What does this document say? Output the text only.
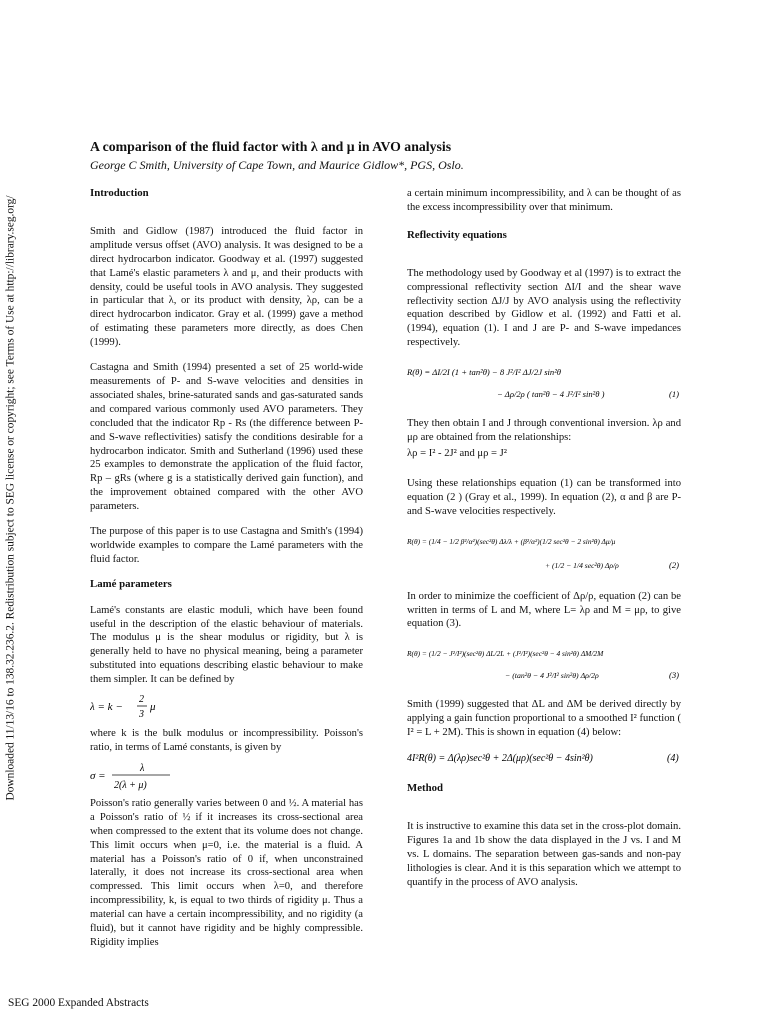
Downloaded 11/13/16 to 138.32.236.2. Redistribution subject to SEG license or copyright; see Terms of Use at http://library.seg.org/
A comparison of the fluid factor with λ and μ in AVO analysis
George C Smith, University of Cape Town, and Maurice Gidlow*, PGS, Oslo.
Introduction

Smith and Gidlow (1987) introduced the fluid factor in amplitude versus offset (AVO) analysis. It was designed to be a direct hydrocarbon indicator. Goodway et al. (1997) suggested that Lamé's elastic parameters λ and μ, and their products with density, could be useful tools in AVO analysis. They suggested in particular that λ, or its product with density, λρ, can be a direct hydrocarbon indicator. Gray et al. (1999) gave a method of estimating these parameters more directly, as does Chen (1999).

Castagna and Smith (1994) presented a set of 25 world-wide measurements of P- and S-wave velocities and densities in associated shales, brine-saturated sands and gas-saturated sands and compared various commonly used AVO parameters. They concluded that the indicator Rp - Rs (the difference between P- and S-wave reflectivities) satisfy the conditions desirable for a hydrocarbon indicator. Smith and Sutherland (1996) used these 25 examples to demonstrate the application of the fluid factor, Rp – gRs (where g is a statistically derived gain function), and the improvement obtained compared with the other AVO parameters.

The purpose of this paper is to use Castagna and Smith's (1994) worldwide examples to compare the Lamé parameters with the fluid factor.

Lamé parameters

Lamé's constants are elastic moduli, which have been found useful in the description of the elastic behaviour of materials. The modulus μ is the shear modulus or rigidity, but λ is generally held to have no physical meaning, being a parameter substituted into equations describing elastic behaviour to make them simpler. It can be defined by

λ = k −
2
3
μ

where k is the bulk modulus or incompressibility. Poisson's ratio, in terms of Lamé constants, is given by

σ =
λ
2(λ + μ)

Poisson's ratio generally varies between 0 and ½. A material has a Poisson's ratio of ½ if it increases its cross-sectional area when compressed to the extent that its volume does not change. This limit occurs when μ=0, i.e. the material is a fluid. A material has a Poisson's ratio of 0 if, when unconstrained laterally, it does not increase its cross-sectional area when compressed. This limit occurs when λ=0, and therefore incompressibility, k, is equal to two thirds of rigidity μ. Thus a material can have a certain incompressibility, and no rigidity (a fluid), but it cannot have rigidity and be highly compressible. Rigidity implies

a certain minimum incompressibility, and λ can be thought of as the excess incompressibility over that minimum.

Reflectivity equations

The methodology used by Goodway et al (1997) is to extract the compressional reflectivity section ΔI/I and the shear wave reflectivity section ΔJ/J by AVO analysis using the reflectivity equation described by Gidlow et al. (1992) and Fatti et al. (1994), equation (1). I and J are P- and S-wave impedances respectively.

R(θ) = ΔI/2I (1 + tan²θ) − 8 J²/I² ΔJ/2J sin²θ
− Δρ/2ρ ( tan²θ − 4 J²/I² sin²θ )	(1)

They then obtain I and J through conventional inversion. λρ and μρ are obtained from the relationships:

λρ = I² - 2J² and μρ = J²

Using these relationships equation (1) can be transformed into equation (2 ) (Gray et al., 1999). In equation (2), α and β are P- and S-wave velocities respectively.

R(θ) = (1/4 − 1/2 β²/α²)(sec²θ) Δλ/λ + (β²/α²)(1/2 sec²θ − 2 sin²θ) Δμ/μ
+ (1/2 − 1/4 sec²θ) Δρ/ρ	(2)

In order to minimize the coefficient of Δρ/ρ, equation (2) can be written in terms of L and M, where L= λρ and M = μρ, to give equation (3).

R(θ) = (1/2 − J²/I²)(sec²θ) ΔL/2L + (J²/I²)(sec²θ − 4 sin²θ) ΔM/2M
− (tan²θ − 4 J²/I² sin²θ) Δρ/2ρ	(3)

Smith (1999) suggested that ΔL and ΔM be derived directly by applying a gain function proportional to a smoothed I² function ( I² = L + 2M). This is shown in equation (4) below:

4I²R(θ) = Δ(λρ)sec²θ + 2Δ(μρ)(sec²θ − 4sin²θ)	(4)
Method

It is instructive to examine this data set in the cross-plot domain. Figures 1a and 1b show the data displayed in the J vs. I and M vs. L domains. The separation between gas-sands and non-pay lithologies is clear. And it is this separation which we attempt to quantify in the process of AVO analysis.

SEG 2000 Expanded Abstracts
